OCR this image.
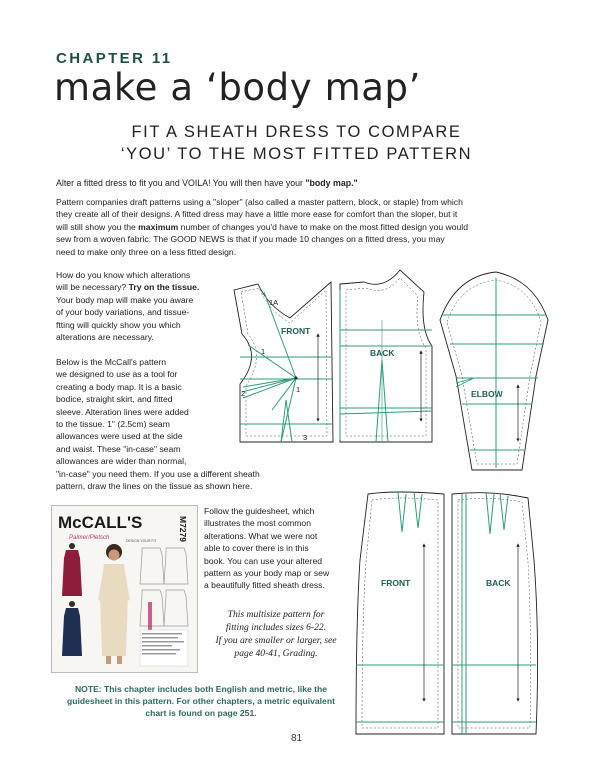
CHAPTER 11
make a ‘body map’
FIT A SHEATH DRESS TO COMPARE
‘YOU’ TO THE MOST FITTED PATTERN
Alter a fitted dress to fit you and VOILA! You will then have your "body map."
Pattern companies draft patterns using a "sloper" (also called a master pattern, block, or staple) from which
they create all of their designs. A fitted dress may have a little more ease for comfort than the sloper, but it
will still show you the maximum number of changes you'd have to make on the most fitted design you would
sew from a woven fabric. The GOOD NEWS is that if you made 10 changes on a fitted dress, you may
need to make only three on a less fitted design.
How do you know which alterations
will be necessary? Try on the tissue.
Your body map will make you aware
of your body variations, and tissue-
ftting will quickly show you which
alterations are necessary.
Below is the McCall's pattern
we designed to use as a tool for
creating a body map. It is a basic
bodice, straight skirt, and fitted
sleeve. Alteration lines were added
to the tissue. 1" (2.5cm) seam
allowances were used at the side
and waist. These "in-case" seam
allowances are wider than normal,
"in-case" you need them. If you use a different sheath
pattern, draw the lines on the tissue as shown here.
Follow the guidesheet, which
illustrates the most common
alterations. What we were not
able to cover there is in this
book. You can use your altered
pattern as your body map or sew
a beautifully fitted sheath dress.
This multisize pattern for
fitting includes sizes 6-22.
If you are smaller or larger, see
page 40-41, Grading.
NOTE: This chapter includes both English and metric, like the
guidesheet in this pattern. For other chapters, a metric equivalent
chart is found on page 251.
McCALL'S
Palmer/Pletsch	M7279
DESIGN YOUR FIT
FRONT
1A
1
2	1
3
BACK
ELBOW
FRONT	BACK
81
